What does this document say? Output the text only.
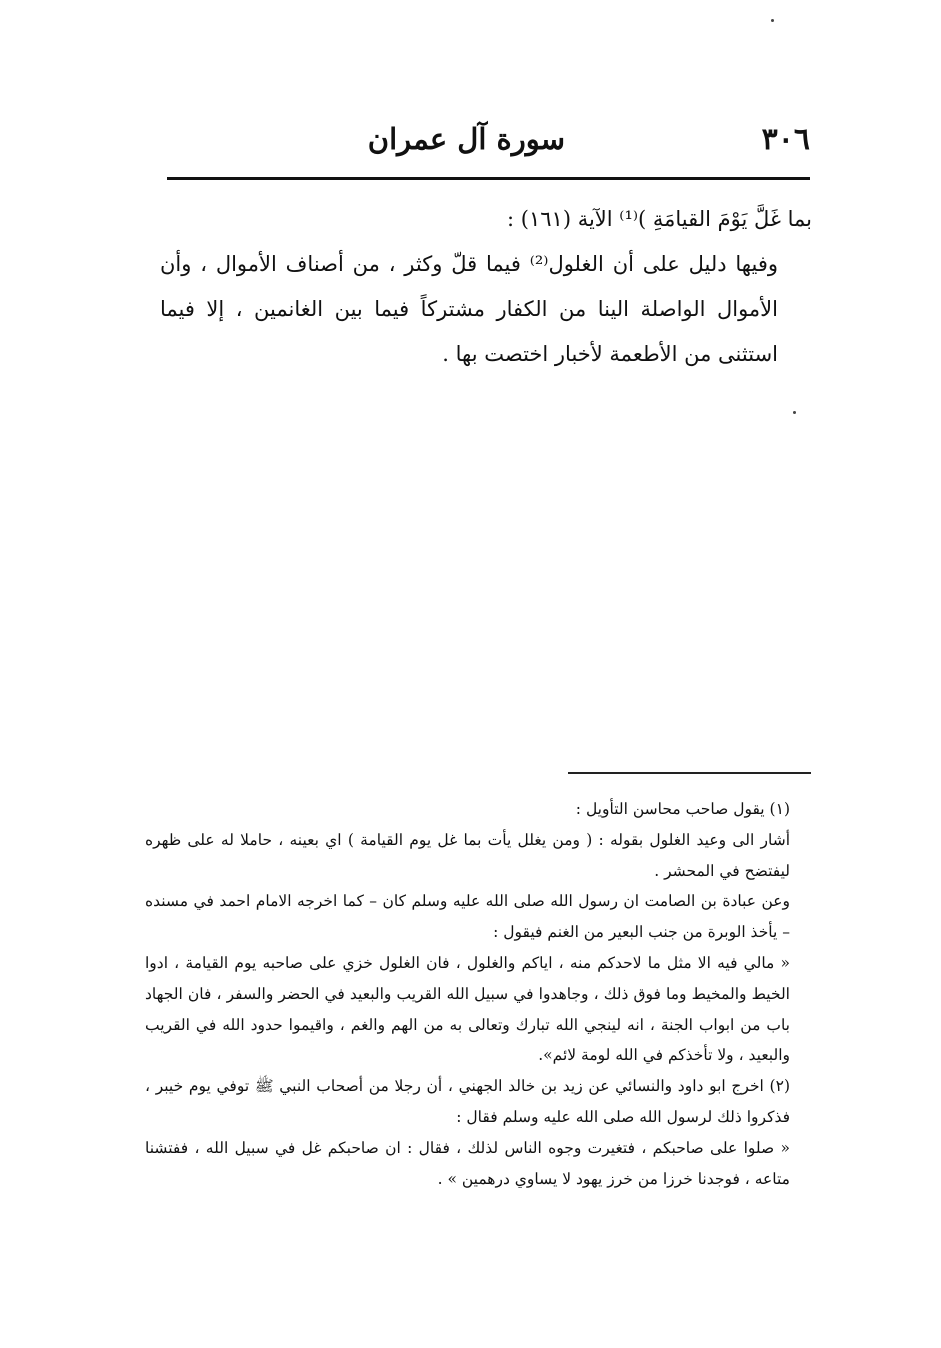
٣٠٦
سورة آل عمران

بما غَلَّ يَوْمَ القيامَةِ )⁽¹⁾ الآية (١٦١) :

وفيها دليل على أن الغلول⁽²⁾ فيما قلّ وكثر ، من أصناف الأموال ، وأن الأموال الواصلة الينا من الكفار مشتركاً فيما بين الغانمين ، إلا فيما استثنى من الأطعمة لأخبار اختصت بها .

(١) يقول صاحب محاسن التأويل :

أشار الى وعيد الغلول بقوله : ( ومن يغلل يأت بما غل يوم القيامة ) اي بعينه ، حاملا له على ظهره ليفتضح في المحشر .

وعن عبادة بن الصامت ان رسول الله صلى الله عليه وسلم كان – كما اخرجه الامام احمد في مسنده – يأخذ الوبرة من جنب البعير من الغنم فيقول :

« مالي فيه الا مثل ما لاحدكم منه ، اياكم والغلول ، فان الغلول خزي على صاحبه يوم القيامة ، ادوا الخيط والمخيط وما فوق ذلك ، وجاهدوا في سبيل الله القريب والبعيد في الحضر والسفر ، فان الجهاد باب من ابواب الجنة ، انه لينجي الله تبارك وتعالى به من الهم والغم ، واقيموا حدود الله في القريب والبعيد ، ولا تأخذكم في الله لومة لائم».

(٢) اخرج ابو داود والنسائي عن زيد بن خالد الجهني ، أن رجلا من أصحاب النبي ﷺ توفي يوم خيبر ، فذكروا ذلك لرسول الله صلى الله عليه وسلم فقال :

« صلوا على صاحبكم ، فتغيرت وجوه الناس لذلك ، فقال : ان صاحبكم غل في سبيل الله ، ففتشنا متاعه ، فوجدنا خرزا من خرز يهود لا يساوي درهمين » .
